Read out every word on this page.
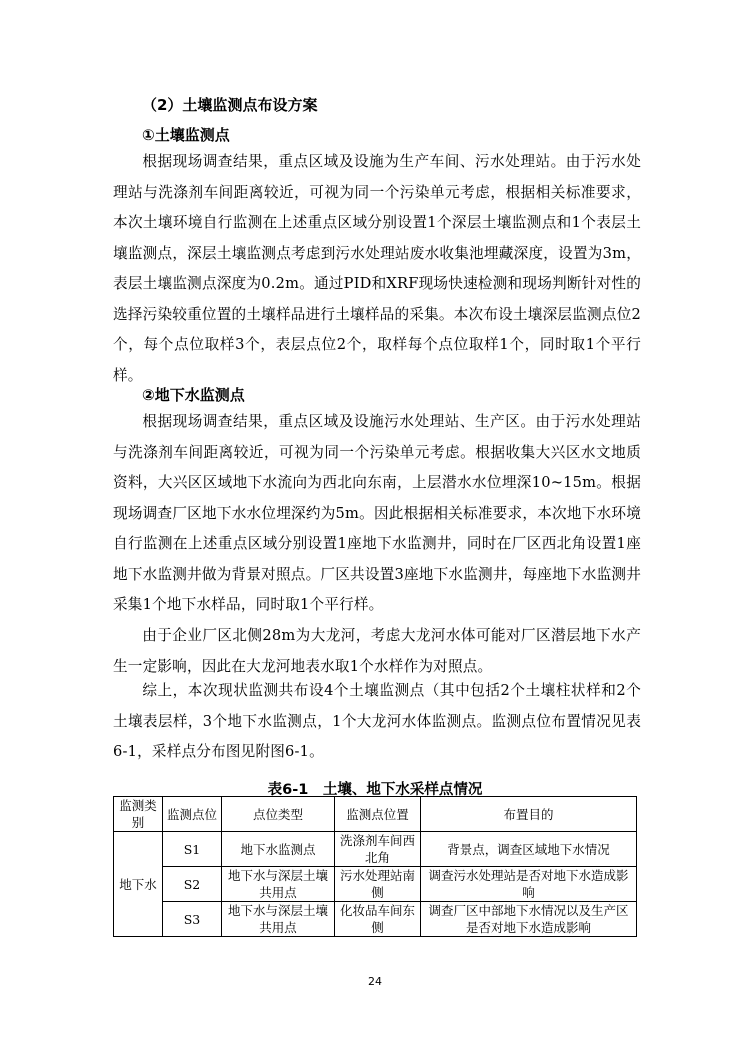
（2）土壤监测点布设方案
①土壤监测点
根据现场调查结果，重点区域及设施为生产车间、污水处理站。由于污水处理站与洗涤剂车间距离较近，可视为同一个污染单元考虑，根据相关标准要求，本次土壤环境自行监测在上述重点区域分别设置1个深层土壤监测点和1个表层土壤监测点，深层土壤监测点考虑到污水处理站废水收集池埋藏深度，设置为3m，表层土壤监测点深度为0.2m。通过PID和XRF现场快速检测和现场判断针对性的选择污染较重位置的土壤样品进行土壤样品的采集。本次布设土壤深层监测点位2个，每个点位取样3个，表层点位2个，取样每个点位取样1个，同时取1个平行样。
②地下水监测点
根据现场调查结果，重点区域及设施污水处理站、生产区。由于污水处理站与洗涤剂车间距离较近，可视为同一个污染单元考虑。根据收集大兴区水文地质资料，大兴区区域地下水流向为西北向东南，上层潜水水位埋深10~15m。根据现场调查厂区地下水水位埋深约为5m。因此根据相关标准要求，本次地下水环境自行监测在上述重点区域分别设置1座地下水监测井，同时在厂区西北角设置1座地下水监测井做为背景对照点。厂区共设置3座地下水监测井，每座地下水监测井采集1个地下水样品，同时取1个平行样。
由于企业厂区北侧28m为大龙河，考虑大龙河水体可能对厂区潜层地下水产生一定影响，因此在大龙河地表水取1个水样作为对照点。
综上，本次现状监测共布设4个土壤监测点（其中包括2个土壤柱状样和2个土壤表层样，3个地下水监测点，1个大龙河水体监测点。监测点位布置情况见表6-1，采样点分布图见附图6-1。
表6-1　土壤、地下水采样点情况
监测类别	监测点位	点位类型	监测点位置	布置目的
地下水	S1	地下水监测点	洗涤剂车间西北角	背景点，调查区域地下水情况
	S2	地下水与深层土壤共用点	污水处理站南侧	调查污水处理站是否对地下水造成影响
	S3	地下水与深层土壤共用点	化妆品车间东侧	调查厂区中部地下水情况以及生产区是否对地下水造成影响
24
